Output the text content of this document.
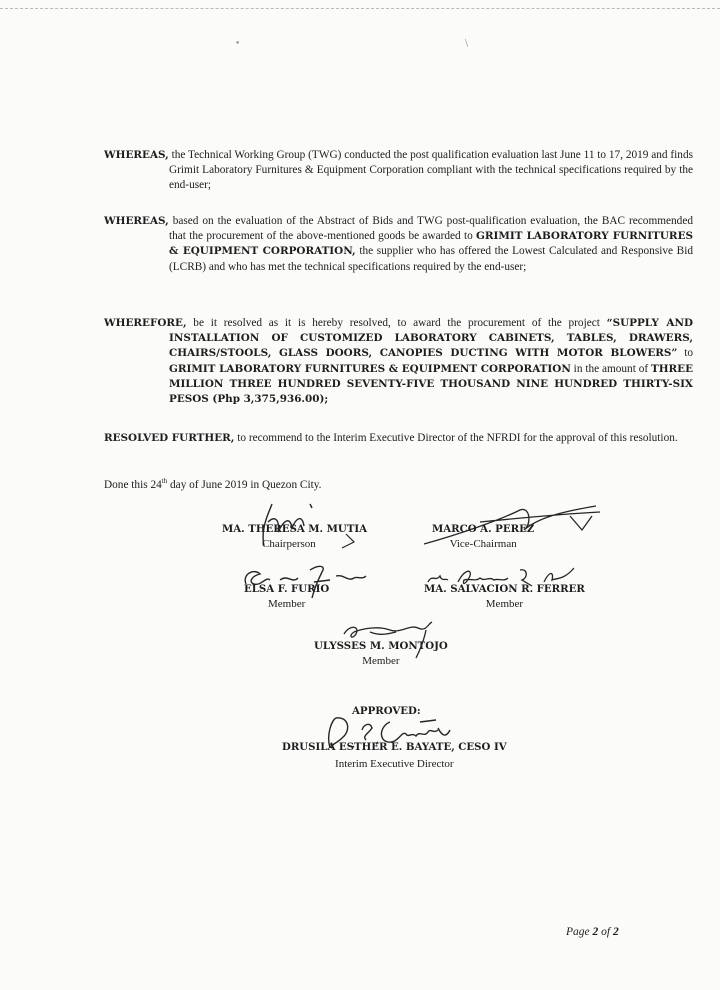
•	\
WHEREAS, the Technical Working Group (TWG) conducted the post qualification evaluation last June 11 to 17, 2019 and finds Grimit Laboratory Furnitures & Equipment Corporation compliant with the technical specifications required by the end-user;
WHEREAS, based on the evaluation of the Abstract of Bids and TWG post-qualification evaluation, the BAC recommended that the procurement of the above-mentioned goods be awarded to GRIMIT LABORATORY FURNITURES & EQUIPMENT CORPORATION, the supplier who has offered the Lowest Calculated and Responsive Bid (LCRB) and who has met the technical specifications required by the end-user;
WHEREFORE, be it resolved as it is hereby resolved, to award the procurement of the project “SUPPLY AND INSTALLATION OF CUSTOMIZED LABORATORY CABINETS, TABLES, DRAWERS, CHAIRS/STOOLS, GLASS DOORS, CANOPIES DUCTING WITH MOTOR BLOWERS” to GRIMIT LABORATORY FURNITURES & EQUIPMENT CORPORATION in the amount of THREE MILLION THREE HUNDRED SEVENTY-FIVE THOUSAND NINE HUNDRED THIRTY-SIX PESOS (Php 3,375,936.00);
RESOLVED FURTHER, to recommend to the Interim Executive Director of the NFRDI for the approval of this resolution.
Done this 24th day of June 2019 in Quezon City.
MA. THERESA M. MUTIA
Chairperson
MARCO A. PEREZ
Vice-Chairman
ELSA F. FURIO
Member
MA. SALVACION R. FERRER
Member
ULYSSES M. MONTOJO
Member
APPROVED:
DRUSILA ESTHER E. BAYATE, CESO IV
Interim Executive Director
Page 2 of 2
